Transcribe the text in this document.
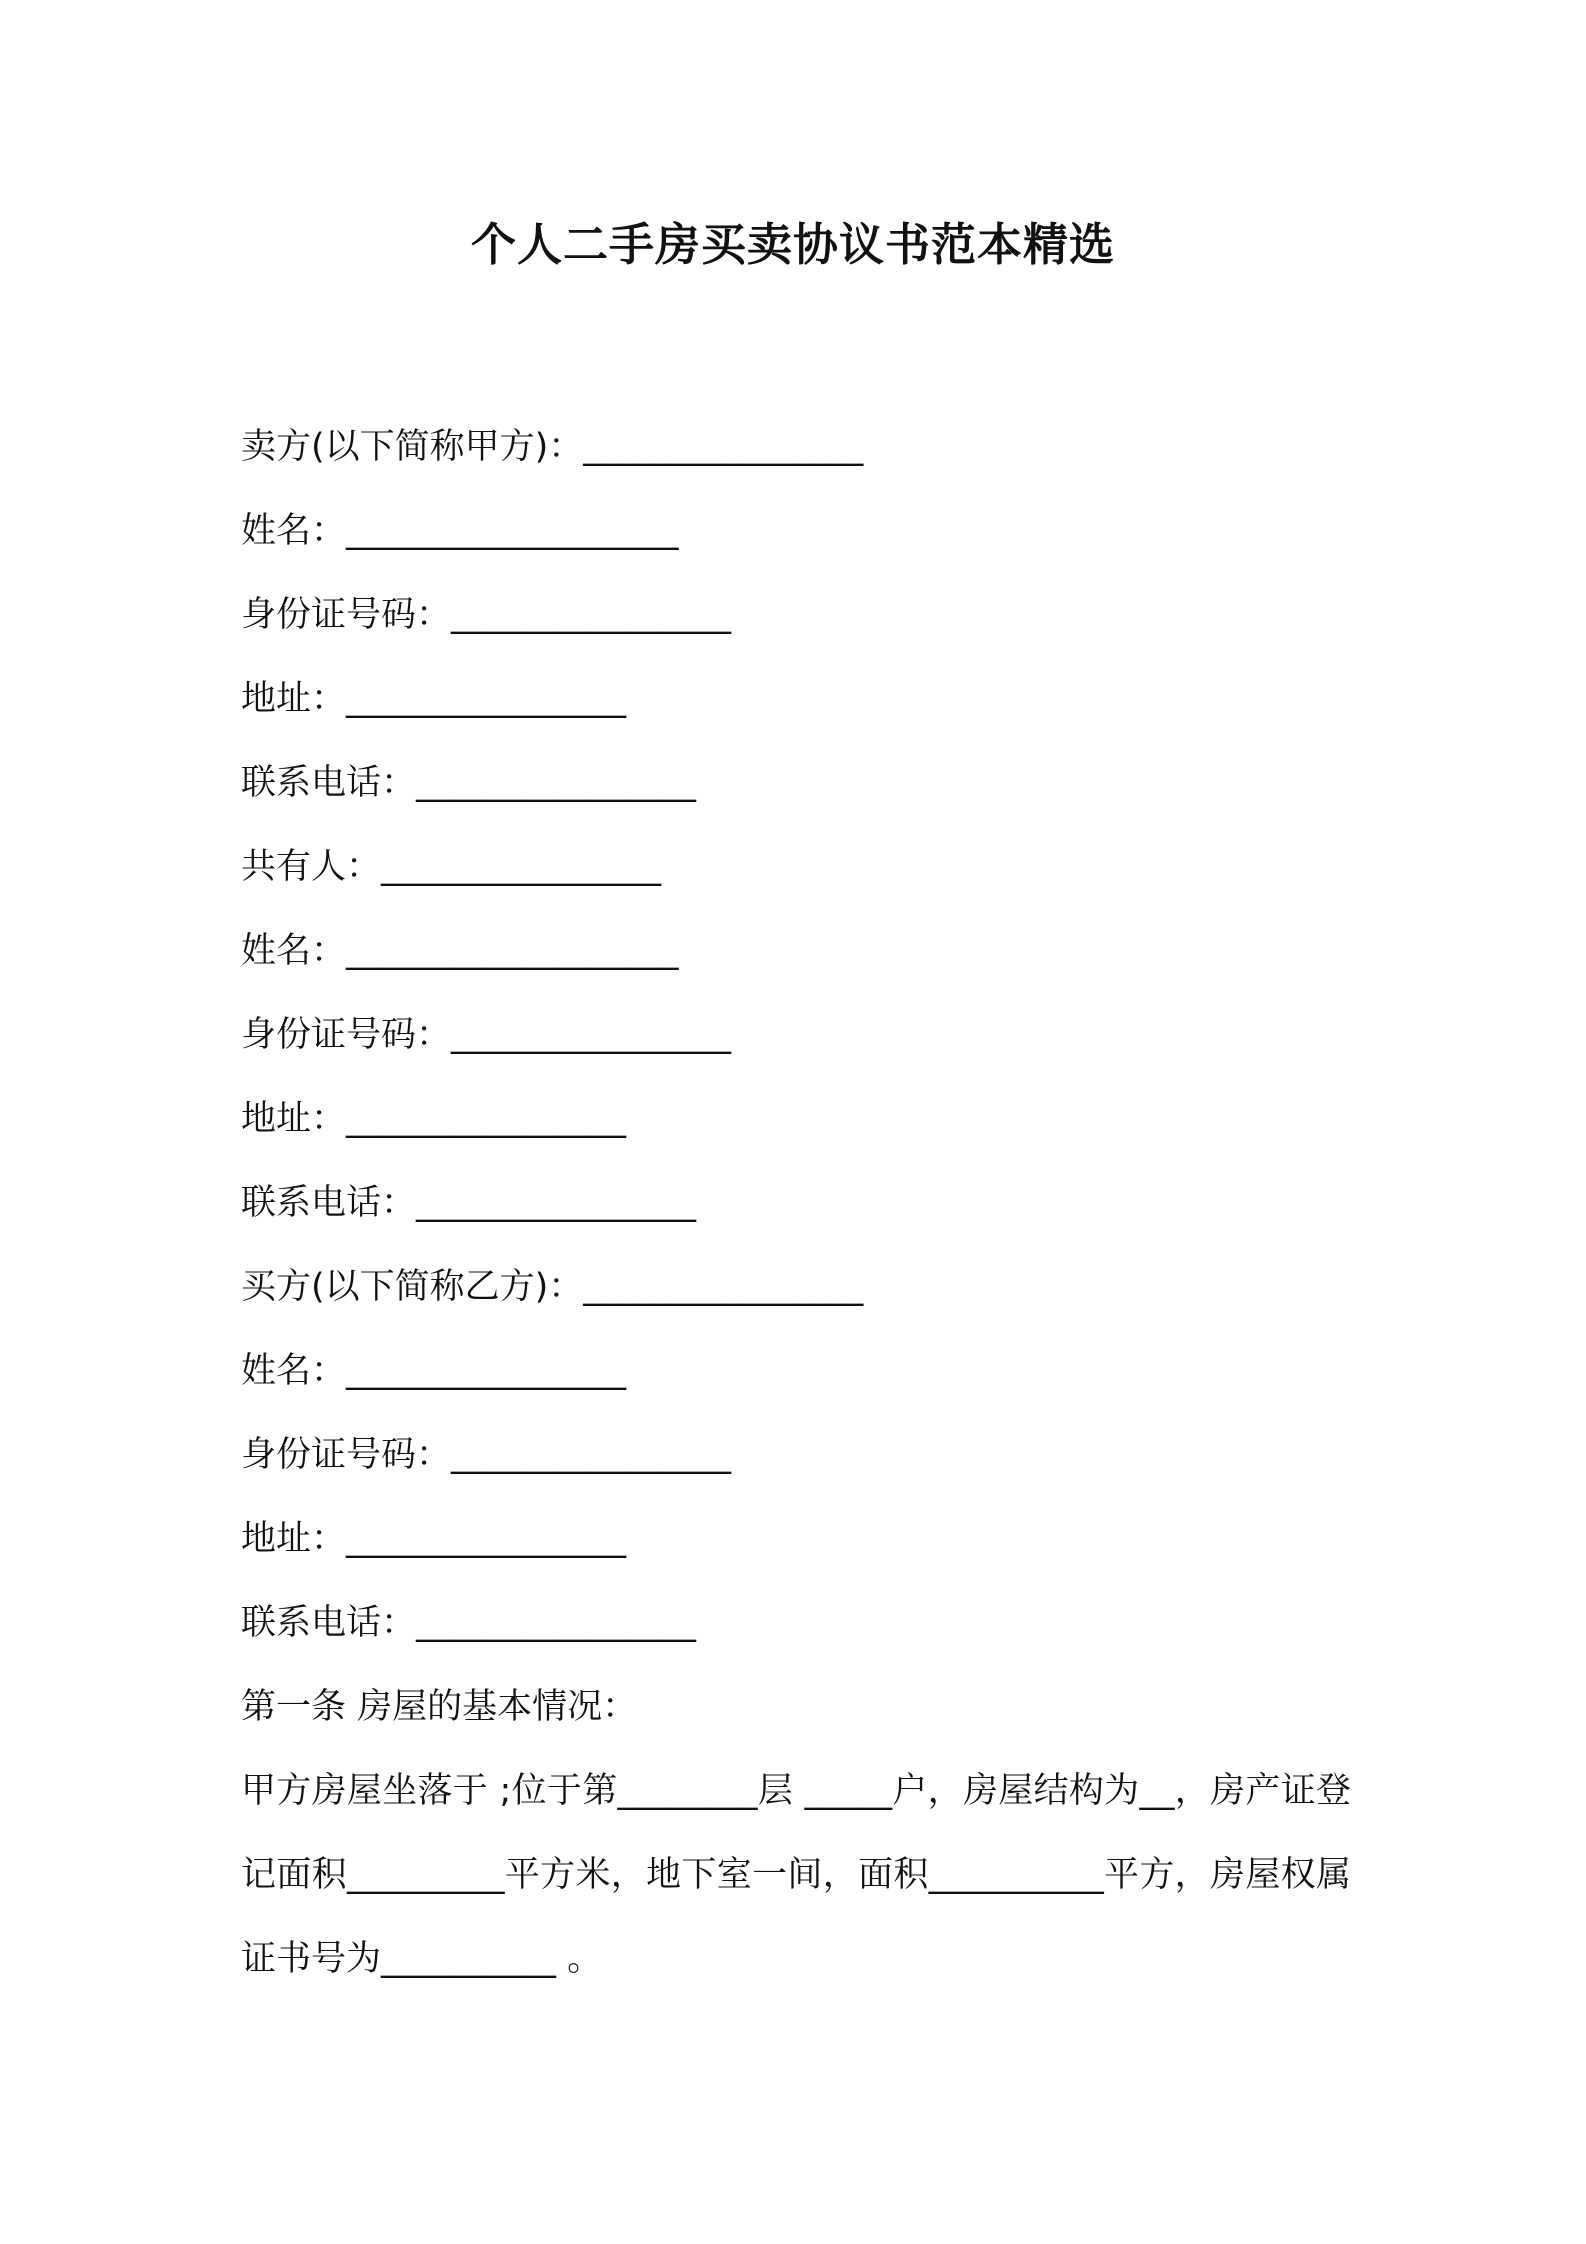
个人二手房买卖协议书范本精选
卖方(以下简称甲方)：________________
姓名：___________________
身份证号码：________________
地址：________________
联系电话：________________
共有人：________________
姓名：___________________
身份证号码：________________
地址：________________
联系电话：________________
买方(以下简称乙方)：________________
姓名：________________
身份证号码：________________
地址：________________
联系电话：________________
第一条 房屋的基本情况：
甲方房屋坐落于 ;位于第________层 _____户，房屋结构为__，房产证登记面积_________平方米，地下室一间，面积__________平方，房屋权属证书号为__________ 。
